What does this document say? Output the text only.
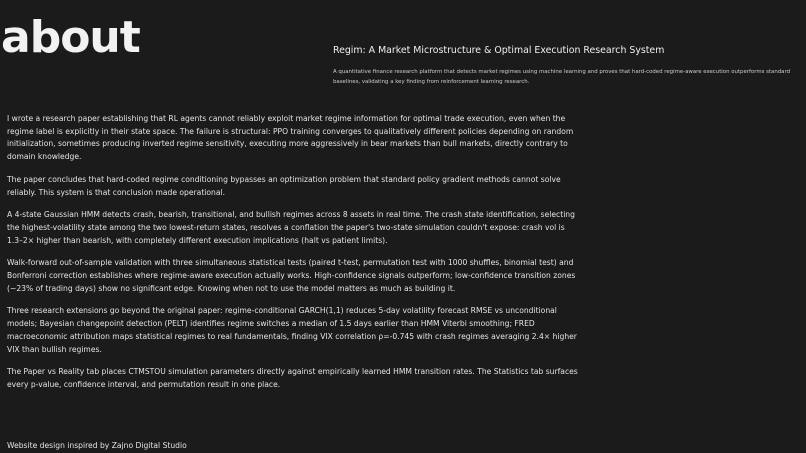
about	Regim: A Market Microstructure & Optimal Execution Research System

A quantitative finance research platform that detects market regimes using machine learning and proves that hard-coded regime-aware execution outperforms standard baselines, validating a key finding from reinforcement learning research.

I wrote a research paper establishing that RL agents cannot reliably exploit market regime information for optimal trade execution, even when the regime label is explicitly in their state space. The failure is structural: PPO training converges to qualitatively different policies depending on random initialization, sometimes producing inverted regime sensitivity, executing more aggressively in bear markets than bull markets, directly contrary to domain knowledge.

The paper concludes that hard-coded regime conditioning bypasses an optimization problem that standard policy gradient methods cannot solve reliably. This system is that conclusion made operational.

A 4-state Gaussian HMM detects crash, bearish, transitional, and bullish regimes across 8 assets in real time. The crash state identification, selecting the highest-volatility state among the two lowest-return states, resolves a conflation the paper's two-state simulation couldn't expose: crash vol is 1.3–2× higher than bearish, with completely different execution implications (halt vs patient limits).

Walk-forward out-of-sample validation with three simultaneous statistical tests (paired t-test, permutation test with 1000 shuffles, binomial test) and Bonferroni correction establishes where regime-aware execution actually works. High-confidence signals outperform; low-confidence transition zones (~23% of trading days) show no significant edge. Knowing when not to use the model matters as much as building it.

Three research extensions go beyond the original paper: regime-conditional GARCH(1,1) reduces 5-day volatility forecast RMSE vs unconditional models; Bayesian changepoint detection (PELT) identifies regime switches a median of 1.5 days earlier than HMM Viterbi smoothing; FRED macroeconomic attribution maps statistical regimes to real fundamentals, finding VIX correlation ρ=-0.745 with crash regimes averaging 2.4× higher VIX than bullish regimes.

The Paper vs Reality tab places CTMSTOU simulation parameters directly against empirically learned HMM transition rates. The Statistics tab surfaces every p-value, confidence interval, and permutation result in one place.

Website design inspired by Zajno Digital Studio
